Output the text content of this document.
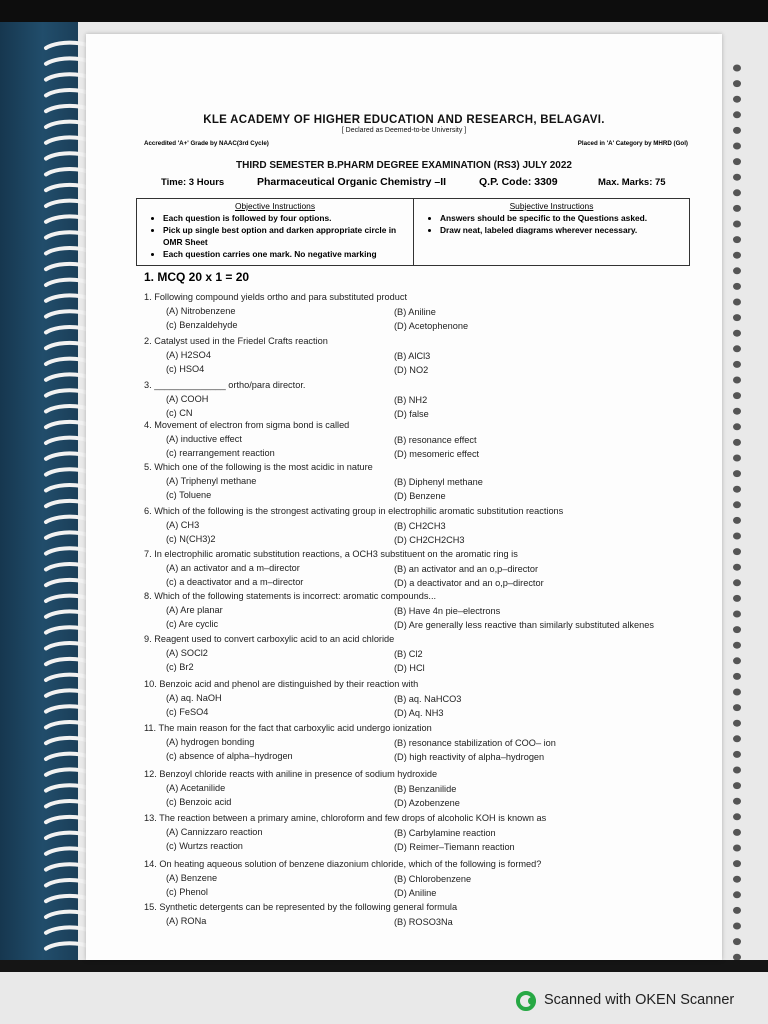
KLE ACADEMY OF HIGHER EDUCATION AND RESEARCH, BELAGAVI.
[ Declared as Deemed-to-be University ]
Accredited 'A+' Grade by NAAC(3rd Cycle)	Placed in 'A' Category by MHRD (GoI)
THIRD SEMESTER B.PHARM DEGREE EXAMINATION (RS3) JULY 2022
Time: 3 Hours	Pharmaceutical Organic Chemistry –II	Q.P. Code: 3309	Max. Marks: 75
Objective Instructions
• Each question is followed by four options.
• Pick up single best option and darken appropriate circle in OMR Sheet
• Each question carries one mark. No negative marking
Subjective Instructions
• Answers should be specific to the Questions asked.
• Draw neat, labeled diagrams wherever necessary.
1. MCQ 20 x 1 = 20
1. Following compound yields ortho and para substituted product
(A) Nitrobenzene	(B) Aniline
(c) Benzaldehyde	(D) Acetophenone
2. Catalyst used in the Friedel Crafts reaction
(A) H2SO4	(B) AlCl3
(c) HSO4	(D) NO2
3. ______________ ortho/para director.
(A) COOH	(B) NH2
(c) CN	(D) false
4. Movement of electron from sigma bond is called
(A) inductive effect	(B) resonance effect
(c) rearrangement reaction	(D) mesomeric effect
5. Which one of the following is the most acidic in nature
(A) Triphenyl methane	(B) Diphenyl methane
(c) Toluene	(D) Benzene
6. Which of the following is the strongest activating group in electrophilic aromatic substitution reactions
(A) CH3	(B) CH2CH3
(c) N(CH3)2	(D) CH2CH2CH3
7. In electrophilic aromatic substitution reactions, a OCH3 substituent on the aromatic ring is
(A) an activator and a m–director	(B) an activator and an o,p–director
(c) a deactivator and a m–director	(D) a deactivator and an o,p–director
8. Which of the following statements is incorrect: aromatic compounds...
(A) Are planar	(B) Have 4n pie–electrons
(c) Are cyclic	(D) Are generally less reactive than similarly substituted alkenes
9. Reagent used to convert carboxylic acid to an acid chloride
(A) SOCl2	(B) Cl2
(c) Br2	(D) HCl
10. Benzoic acid and phenol are distinguished by their reaction with
(A) aq. NaOH	(B) aq. NaHCO3
(c) FeSO4	(D) Aq. NH3
11. The main reason for the fact that carboxylic acid undergo ionization
(A) hydrogen bonding	(B) resonance stabilization of COO– ion
(c) absence of alpha–hydrogen	(D) high reactivity of alpha–hydrogen
12. Benzoyl chloride reacts with aniline in presence of sodium hydroxide
(A) Acetanilide	(B) Benzanilide
(c) Benzoic acid	(D) Azobenzene
13. The reaction between a primary amine, chloroform and few drops of alcoholic KOH is known as
(A) Cannizzaro reaction	(B) Carbylamine reaction
(c) Wurtzs reaction	(D) Reimer–Tiemann reaction
14. On heating aqueous solution of benzene diazonium chloride, which of the following is formed?
(A) Benzene	(B) Chlorobenzene
(c) Phenol	(D) Aniline
15. Synthetic detergents can be represented by the following general formula
(A) RONa	(B) ROSO3Na
Scanned with OKEN Scanner
